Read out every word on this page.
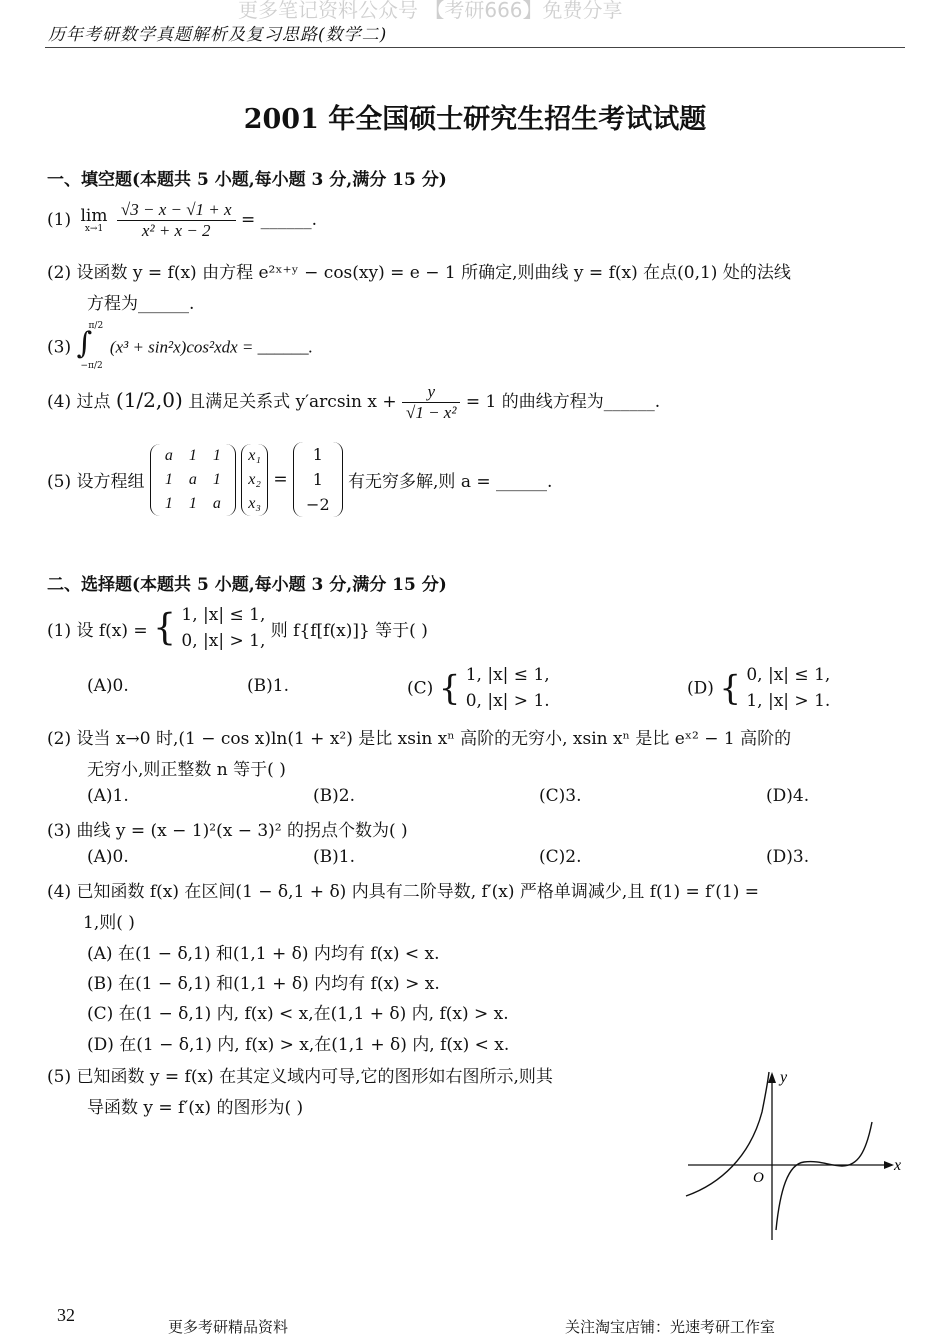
更多笔记资料公众号 【考研666】免费分享
历年考研数学真题解析及复习思路(数学二)
2001 年全国硕士研究生招生考试试题
一、填空题(本题共 5 小题,每小题 3 分,满分 15 分)
(1) lim
x→1
$\frac{√3 - x - √1 + x}{\text{x² + x − 2}}$ = ______.
(2) 设函数 y = f(x) 由方程 e²ˣ⁺ʸ − cos(xy) = e − 1 所确定,则曲线 y = f(x) 在点(0,1) 处的法线
方程为______.
(3) ∫
π/2
−π/2
(x³ + sin²x)cos²xdx = ______.
(4) 过点 (1/2,0) 且满足关系式 y′arcsin $x + \frac{y}{\text{√1 − x²}} = 1$ 的曲线方程为______.
(5) 设方程组
a	1	1
1	a	1
1	1	a

x₁
x₂
x₃
=
1
1
−2
有无穷多解,则 a = ______.
二、选择题(本题共 5 小题,每小题 3 分,满分 15 分)
(1) 设 f(x) = { 1, |x| ≤ 1,
0, |x| > 1, 则 f{f[f(x)]} 等于( )
(A)0.	(B)1.	(C) { 1, |x| ≤ 1,
0, |x| > 1.
(D) { 0, |x| ≤ 1,
1, |x| > 1.
(2) 设当 x→0 时,(1 − cos x)ln(1 + x²) 是比 xsin xⁿ 高阶的无穷小, xsin xⁿ 是比 eˣ² − 1 高阶的
无穷小,则正整数 n 等于( )
(A)1.	(B)2.	(C)3.	(D)4.
(3) 曲线 y = (x − 1)²(x − 3)² 的拐点个数为( )
(A)0.	(B)1.	(C)2.	(D)3.
(4) 已知函数 f(x) 在区间(1 − δ,1 + δ) 内具有二阶导数, f′(x) 严格单调减少,且 f(1) = f′(1) =
1,则( )
(A) 在(1 − δ,1) 和(1,1 + δ) 内均有 f(x) < x.
(B) 在(1 − δ,1) 和(1,1 + δ) 内均有 f(x) > x.
(C) 在(1 − δ,1) 内, f(x) < x,在(1,1 + δ) 内, f(x) > x.
(D) 在(1 − δ,1) 内, f(x) > x,在(1,1 + δ) 内, f(x) < x.
(5) 已知函数 y = f(x) 在其定义域内可导,它的图形如右图所示,则其
导函数 y = f′(x) 的图形为( )
y
x
O
32
更多考研精品资料	关注淘宝店铺：光速考研工作室
